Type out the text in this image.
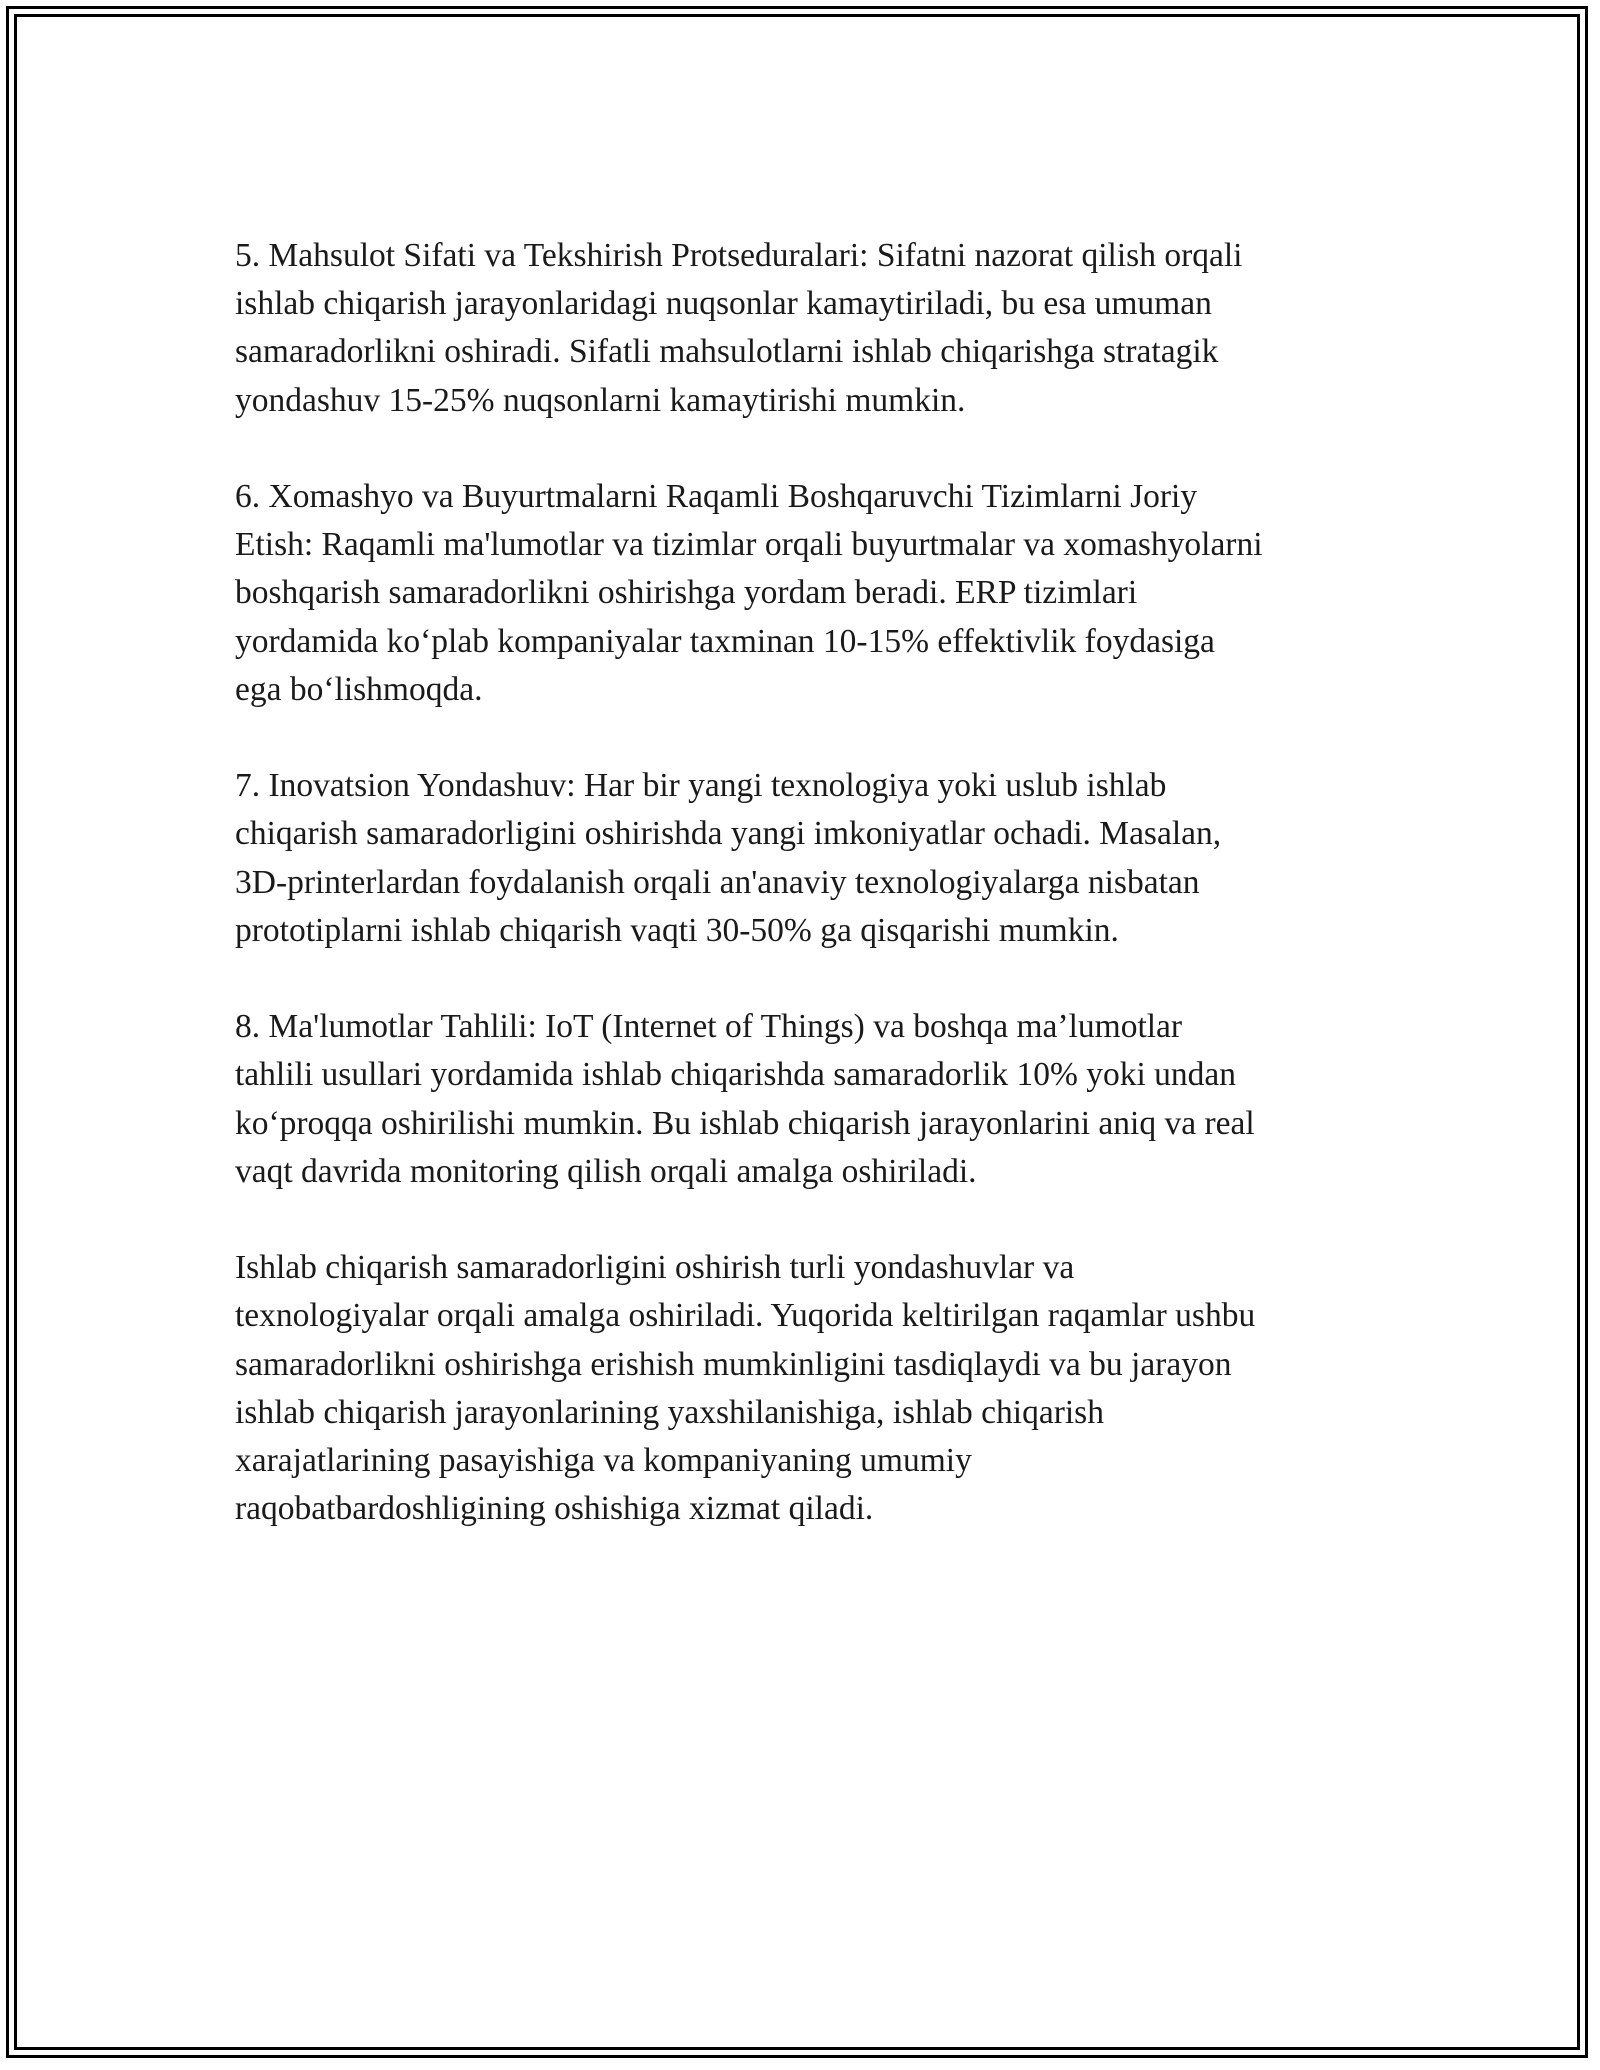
5. Mahsulot Sifati va Tekshirish Protseduralari: Sifatni nazorat qilish orqali
ishlab chiqarish jarayonlaridagi nuqsonlar kamaytiriladi, bu esa umuman
samaradorlikni oshiradi. Sifatli mahsulotlarni ishlab chiqarishga stratagik
yondashuv 15-25% nuqsonlarni kamaytirishi mumkin.

6. Xomashyo va Buyurtmalarni Raqamli Boshqaruvchi Tizimlarni Joriy
Etish: Raqamli ma'lumotlar va tizimlar orqali buyurtmalar va xomashyolarni
boshqarish samaradorlikni oshirishga yordam beradi. ERP tizimlari
yordamida ko‘plab kompaniyalar taxminan 10-15% effektivlik foydasiga
ega bo‘lishmoqda.

7. Inovatsion Yondashuv: Har bir yangi texnologiya yoki uslub ishlab
chiqarish samaradorligini oshirishda yangi imkoniyatlar ochadi. Masalan,
3D-printerlardan foydalanish orqali an'anaviy texnologiyalarga nisbatan
prototiplarni ishlab chiqarish vaqti 30-50% ga qisqarishi mumkin.

8. Ma'lumotlar Tahlili: IoT (Internet of Things) va boshqa ma’lumotlar
tahlili usullari yordamida ishlab chiqarishda samaradorlik 10% yoki undan
ko‘proqqa oshirilishi mumkin. Bu ishlab chiqarish jarayonlarini aniq va real
vaqt davrida monitoring qilish orqali amalga oshiriladi.

Ishlab chiqarish samaradorligini oshirish turli yondashuvlar va
texnologiyalar orqali amalga oshiriladi. Yuqorida keltirilgan raqamlar ushbu
samaradorlikni oshirishga erishish mumkinligini tasdiqlaydi va bu jarayon
ishlab chiqarish jarayonlarining yaxshilanishiga, ishlab chiqarish
xarajatlarining pasayishiga va kompaniyaning umumiy
raqobatbardoshligining oshishiga xizmat qiladi.
